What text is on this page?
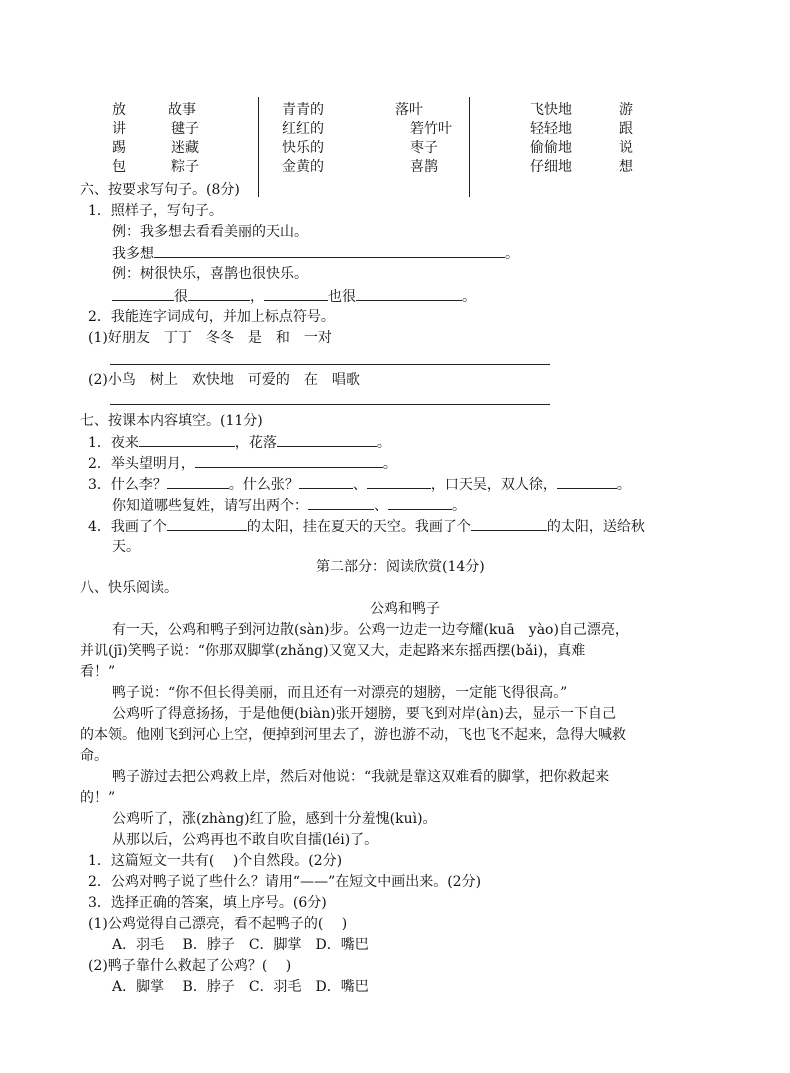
放	故事
讲	毽子
踢	迷藏
包	粽子
青青的	落叶
红红的	箬竹叶
快乐的	枣子
金黄的	喜鹊
飞快地	游
轻轻地	跟
偷偷地	说
仔细地	想
六、按要求写句子。(8分)
1．照样子，写句子。
例：我多想去看看美丽的天山。
我多想	。
例：树很快乐，喜鹊也很快乐。
很	，	也很	。
2．我能连字词成句，并加上标点符号。
(1)好朋友　丁丁　冬冬　是　和　一对
(2)小鸟　树上　欢快地　可爱的　在　唱歌
七、按课本内容填空。(11分)
1．夜来	，花落	。
2．举头望明月，	。
3．什么李？	。什么张？	、	，口天吴，双人徐，	。
你知道哪些复姓，请写出两个：	、	。
4．我画了个	的太阳，挂在夏天的天空。我画了个	的太阳，送给秋
天。
第二部分：阅读欣赏(14分)
八、快乐阅读。
公鸡和鸭子
有一天，公鸡和鸭子到河边散(sàn)步。公鸡一边走一边夸耀(kuā　yào)自己漂亮，
并讥(jī)笑鸭子说：“你那双脚掌(zhǎng)又宽又大，走起路来东摇西摆(bǎi)，真难
看！”
鸭子说：“你不但长得美丽，而且还有一对漂亮的翅膀，一定能飞得很高。”
公鸡听了得意扬扬，于是他便(biàn)张开翅膀，要飞到对岸(àn)去，显示一下自己
的本领。他刚飞到河心上空，便掉到河里去了，游也游不动，飞也飞不起来，急得大喊救
命。
鸭子游过去把公鸡救上岸，然后对他说：“我就是靠这双难看的脚掌，把你救起来
的！”
公鸡听了，涨(zhàng)红了脸，感到十分羞愧(kuì)。
从那以后，公鸡再也不敢自吹自擂(léi)了。
1．这篇短文一共有(　 )个自然段。(2分)
2．公鸡对鸭子说了些什么？请用“——”在短文中画出来。(2分)
3．选择正确的答案，填上序号。(6分)
(1)公鸡觉得自己漂亮，看不起鸭子的(　 )
A．羽毛　 B．脖子　C．脚掌　D．嘴巴
(2)鸭子靠什么救起了公鸡？(　 )
A．脚掌　 B．脖子　C．羽毛　D．嘴巴
